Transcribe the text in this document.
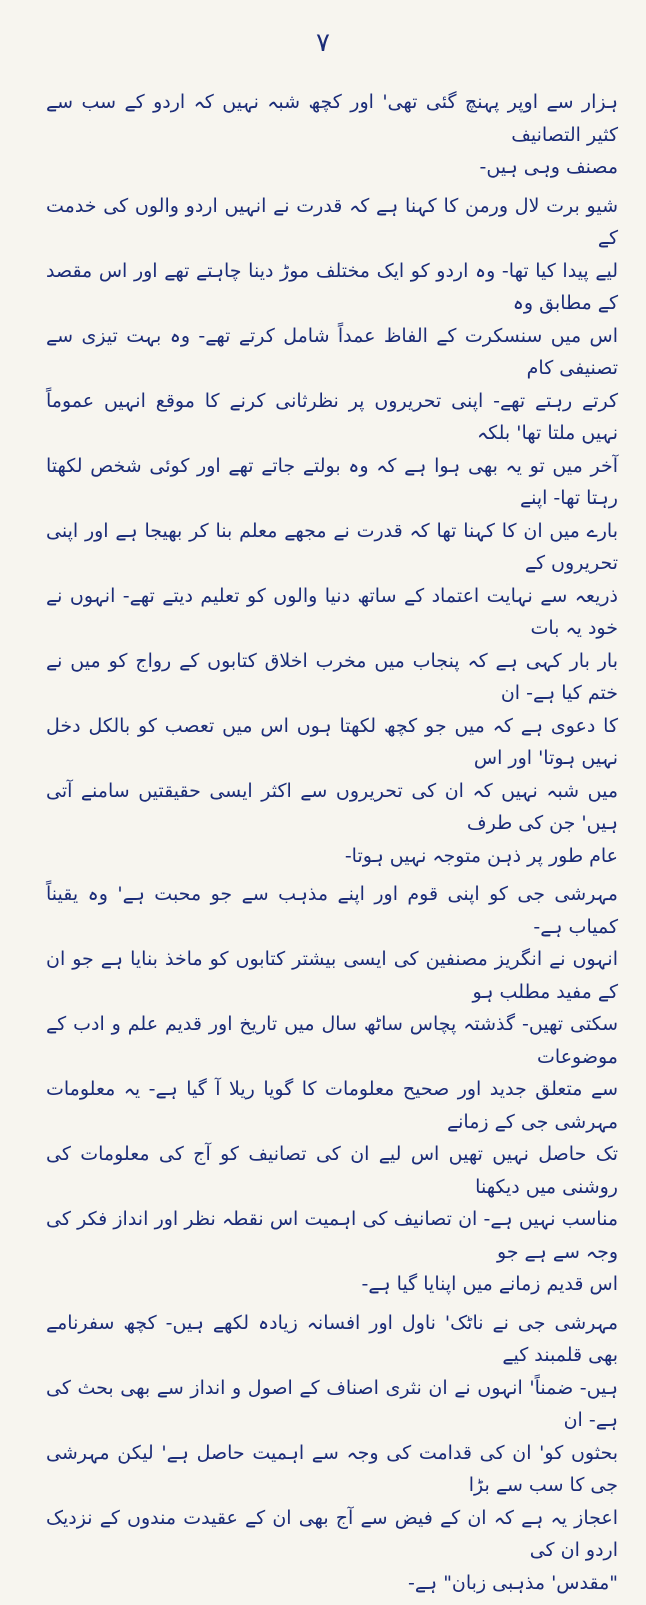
۷

ہزار سے اوپر پہنچ گئی تھی' اور کچھ شبہ نہیں کہ اردو کے سب سے کثیر التصانیف
مصنف وہی ہیں-

شیو برت لال ورمن کا کہنا ہے کہ قدرت نے انہیں اردو والوں کی خدمت کے
لیے پیدا کیا تھا- وہ اردو کو ایک مختلف موڑ دینا چاہتے تھے اور اس مقصد کے مطابق وہ
اس میں سنسکرت کے الفاظ عمداً شامل کرتے تھے- وہ بہت تیزی سے تصنیفی کام
کرتے رہتے تھے- اپنی تحریروں پر نظرثانی کرنے کا موقع انہیں عموماً نہیں ملتا تھا' بلکہ
آخر میں تو یہ بھی ہوا ہے کہ وہ بولتے جاتے تھے اور کوئی شخص لکھتا رہتا تھا- اپنے
بارے میں ان کا کہنا تھا کہ قدرت نے مجھے معلم بنا کر بھیجا ہے اور اپنی تحریروں کے
ذریعہ سے نہایت اعتماد کے ساتھ دنیا والوں کو تعلیم دیتے تھے- انہوں نے خود یہ بات
بار بار کہی ہے کہ پنجاب میں مخرب اخلاق کتابوں کے رواج کو میں نے ختم کیا ہے- ان
کا دعوی ہے کہ میں جو کچھ لکھتا ہوں اس میں تعصب کو بالکل دخل نہیں ہوتا' اور اس
میں شبہ نہیں کہ ان کی تحریروں سے اکثر ایسی حقیقتیں سامنے آتی ہیں' جن کی طرف
عام طور پر ذہن متوجہ نہیں ہوتا-

مہرشی جی کو اپنی قوم اور اپنے مذہب سے جو محبت ہے' وہ یقیناً کمیاب ہے-
انہوں نے انگریز مصنفین کی ایسی بیشتر کتابوں کو ماخذ بنایا ہے جو ان کے مفید مطلب ہو
سکتی تھیں- گذشتہ پچاس ساٹھ سال میں تاریخ اور قدیم علم و ادب کے موضوعات
سے متعلق جدید اور صحیح معلومات کا گویا ریلا آ گیا ہے- یہ معلومات مہرشی جی کے زمانے
تک حاصل نہیں تھیں اس لیے ان کی تصانیف کو آج کی معلومات کی روشنی میں دیکھنا
مناسب نہیں ہے- ان تصانیف کی اہمیت اس نقطہ نظر اور انداز فکر کی وجہ سے ہے جو
اس قدیم زمانے میں اپنایا گیا ہے-

مہرشی جی نے ناٹک' ناول اور افسانہ زیادہ لکھے ہیں- کچھ سفرنامے بھی قلمبند کیے
ہیں- ضمناً' انہوں نے ان نثری اصناف کے اصول و انداز سے بھی بحث کی ہے- ان
بحثوں کو' ان کی قدامت کی وجہ سے اہمیت حاصل ہے' لیکن مہرشی جی کا سب سے بڑا
اعجاز یہ ہے کہ ان کے فیض سے آج بھی ان کے عقیدت مندوں کے نزدیک اردو ان کی
"مقدس' مذہبی زبان" ہے-
